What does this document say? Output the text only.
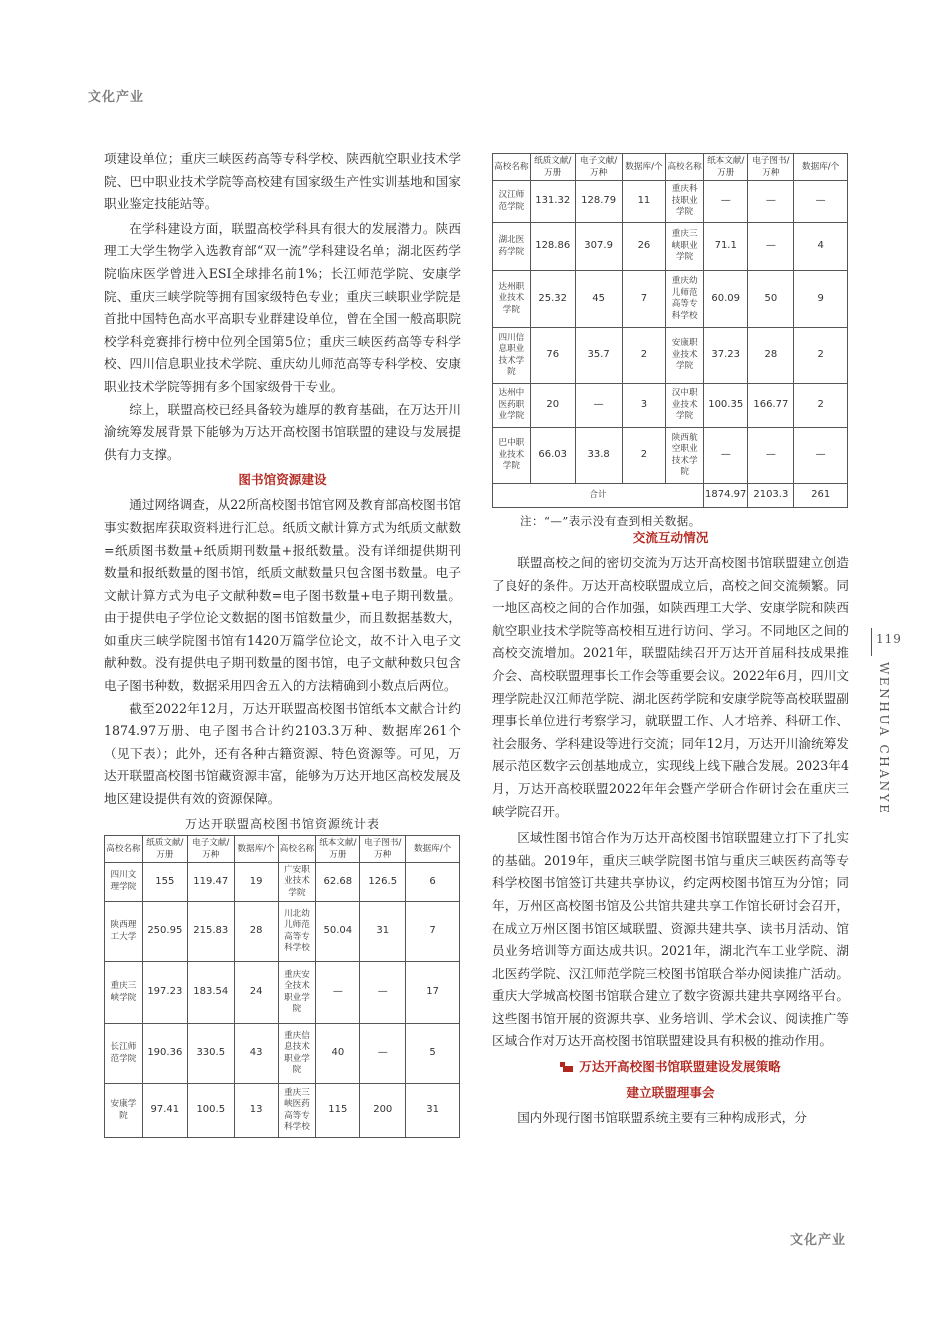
文化产业

项建设单位；重庆三峡医药高等专科学校、陕西航空职业技术学院、巴中职业技术学院等高校建有国家级生产性实训基地和国家职业鉴定技能站等。

在学科建设方面，联盟高校学科具有很大的发展潜力。陕西理工大学生物学入选教育部“双一流”学科建设名单；湖北医药学院临床医学曾进入ESI全球排名前1%；长江师范学院、安康学院、重庆三峡学院等拥有国家级特色专业；重庆三峡职业学院是首批中国特色高水平高职专业群建设单位，曾在全国一般高职院校学科竞赛排行榜中位列全国第5位；重庆三峡医药高等专科学校、四川信息职业技术学院、重庆幼儿师范高等专科学校、安康职业技术学院等拥有多个国家级骨干专业。

综上，联盟高校已经具备较为雄厚的教育基础，在万达开川渝统筹发展背景下能够为万达开高校图书馆联盟的建设与发展提供有力支撑。

图书馆资源建设

通过网络调查，从22所高校图书馆官网及教育部高校图书馆事实数据库获取资料进行汇总。纸质文献计算方式为纸质文献数=纸质图书数量+纸质期刊数量+报纸数量。没有详细提供期刊数量和报纸数量的图书馆，纸质文献数量只包含图书数量。电子文献计算方式为电子文献种数=电子图书数量+电子期刊数量。由于提供电子学位论文数据的图书馆数量少，而且数据基数大，如重庆三峡学院图书馆有1420万篇学位论文，故不计入电子文献种数。没有提供电子期刊数量的图书馆，电子文献种数只包含电子图书种数，数据采用四舍五入的方法精确到小数点后两位。

截至2022年12月，万达开联盟高校图书馆纸本文献合计约1874.97万册、电子图书合计约2103.3万种、数据库261个（见下表）；此外，还有各种古籍资源、特色资源等。可见，万达开联盟高校图书馆藏资源丰富，能够为万达开地区高校发展及地区建设提供有效的资源保障。

万达开联盟高校图书馆资源统计表
高校名称	纸质文献/万册	电子文献/万种	数据库/个	高校名称	纸本文献/万册	电子图书/万种	数据库/个
四川文理学院	155	119.47	19	广安职业技术学院	62.68	126.5	6
陕西理工大学	250.95	215.83	28	川北幼儿师范高等专科学校	50.04	31	7
重庆三峡学院	197.23	183.54	24	重庆安全技术职业学院	—	—	17
长江师范学院	190.36	330.5	43	重庆信息技术职业学院	40	—	5
安康学院	97.41	100.5	13	重庆三峡医药高等专科学校	115	200	31
高校名称	纸质文献/万册	电子文献/万种	数据库/个	高校名称	纸本文献/万册	电子图书/万种	数据库/个
汉江师范学院	131.32	128.79	11	重庆科技职业学院	—	—	—
湖北医药学院	128.86	307.9	26	重庆三峡职业学院	71.1	—	4
达州职业技术学院	25.32	45	7	重庆幼儿师范高等专科学校	60.09	50	9
四川信息职业技术学院	76	35.7	2	安康职业技术学院	37.23	28	2
达州中医药职业学院	20	—	3	汉中职业技术学院	100.35	166.77	2
巴中职业技术学院	66.03	33.8	2	陕西航空职业技术学院	—	—	—
合计					1874.97	2103.3	261
注：“—”表示没有查到相关数据。
交流互动情况

联盟高校之间的密切交流为万达开高校图书馆联盟建立创造了良好的条件。万达开高校联盟成立后，高校之间交流频繁。同一地区高校之间的合作加强，如陕西理工大学、安康学院和陕西航空职业技术学院等高校相互进行访问、学习。不同地区之间的高校交流增加。2021年，联盟陆续召开万达开首届科技成果推介会、高校联盟理事长工作会等重要会议。2022年6月，四川文理学院赴汉江师范学院、湖北医药学院和安康学院等高校联盟副理事长单位进行考察学习，就联盟工作、人才培养、科研工作、社会服务、学科建设等进行交流；同年12月，万达开川渝统筹发展示范区数字云创基地成立，实现线上线下融合发展。2023年4月，万达开高校联盟2022年年会暨产学研合作研讨会在重庆三峡学院召开。

区域性图书馆合作为万达开高校图书馆联盟建立打下了扎实的基础。2019年，重庆三峡学院图书馆与重庆三峡医药高等专科学校图书馆签订共建共享协议，约定两校图书馆互为分馆；同年，万州区高校图书馆及公共馆共建共享工作馆长研讨会召开，在成立万州区图书馆区域联盟、资源共建共享、读书月活动、馆员业务培训等方面达成共识。2021年，湖北汽车工业学院、湖北医药学院、汉江师范学院三校图书馆联合举办阅读推广活动。重庆大学城高校图书馆联合建立了数字资源共建共享网络平台。这些图书馆开展的资源共享、业务培训、学术会议、阅读推广等区域合作对万达开高校图书馆联盟建设具有积极的推动作用。

万达开高校图书馆联盟建设发展策略
建立联盟理事会

国内外现行图书馆联盟系统主要有三种构成形式，分

119
WENHUA CHANYE
文化产业
